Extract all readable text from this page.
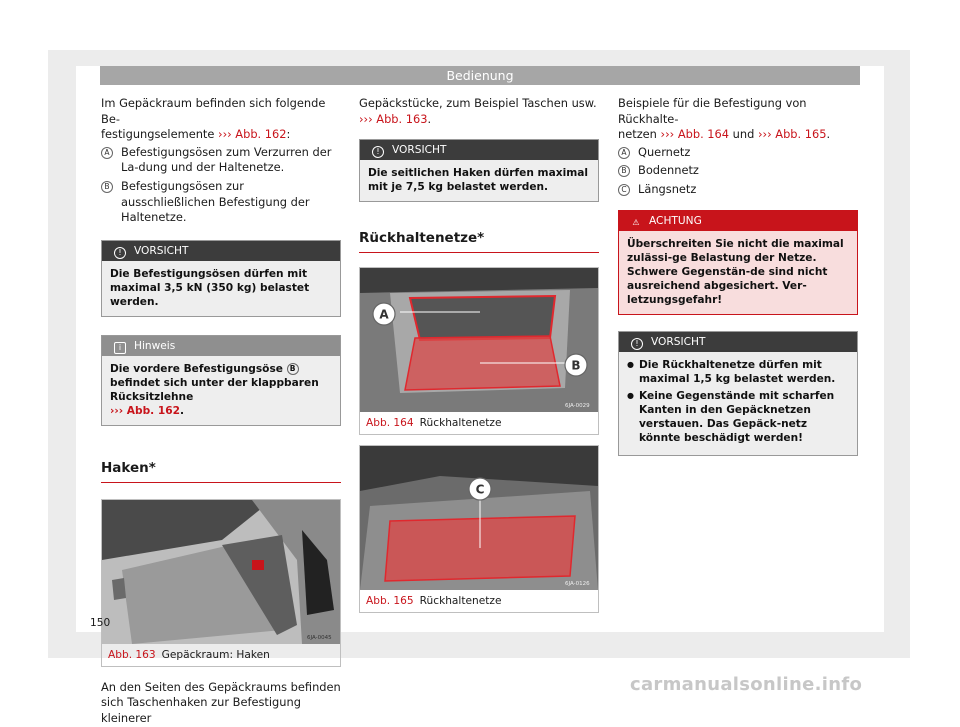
Bedienung

Im Gepäckraum befinden sich folgende Be-
festigungselemente ››› Abb. 162:

A	Befestigungsösen zum Verzurren der La-dung und der Haltenetze.
B	Befestigungsösen zur ausschließlichen Befestigung der Haltenetze.
! VORSICHT
Die Befestigungsösen dürfen mit maximal 3,5 kN (350 kg) belastet werden.
i Hinweis
Die vordere Befestigungsöse B befindet sich unter der klappbaren Rücksitzlehne
››› Abb. 162.
Haken*
6JA-0045
Abb. 163 Gepäckraum: Haken

An den Seiten des Gepäckraums befinden
sich Taschenhaken zur Befestigung kleinerer

Gepäckstücke, zum Beispiel Taschen usw.
››› Abb. 163.

! VORSICHT
Die seitlichen Haken dürfen maximal mit je 7,5 kg belastet werden.
Rückhaltenetze*
A
B
6JA-0029
Abb. 164 Rückhaltenetze
C
6JA-0126
Abb. 165 Rückhaltenetze

Beispiele für die Befestigung von Rückhalte-
netzen ››› Abb. 164 und ››› Abb. 165.

A	Quernetz
B	Bodennetz
C Längsnetz
⚠ ACHTUNG
Überschreiten Sie nicht die maximal zulässi-ge Belastung der Netze. Schwere Gegenstän-de sind nicht ausreichend abgesichert. Ver-letzungsgefahr!
! VORSICHT
● Die Rückhaltenetze dürfen mit maximal 1,5 kg belastet werden.
● Keine Gegenstände mit scharfen Kanten in den Gepäcknetzen verstauen. Das Gepäck-netz könnte beschädigt werden!
150
carmanualsonline.info
